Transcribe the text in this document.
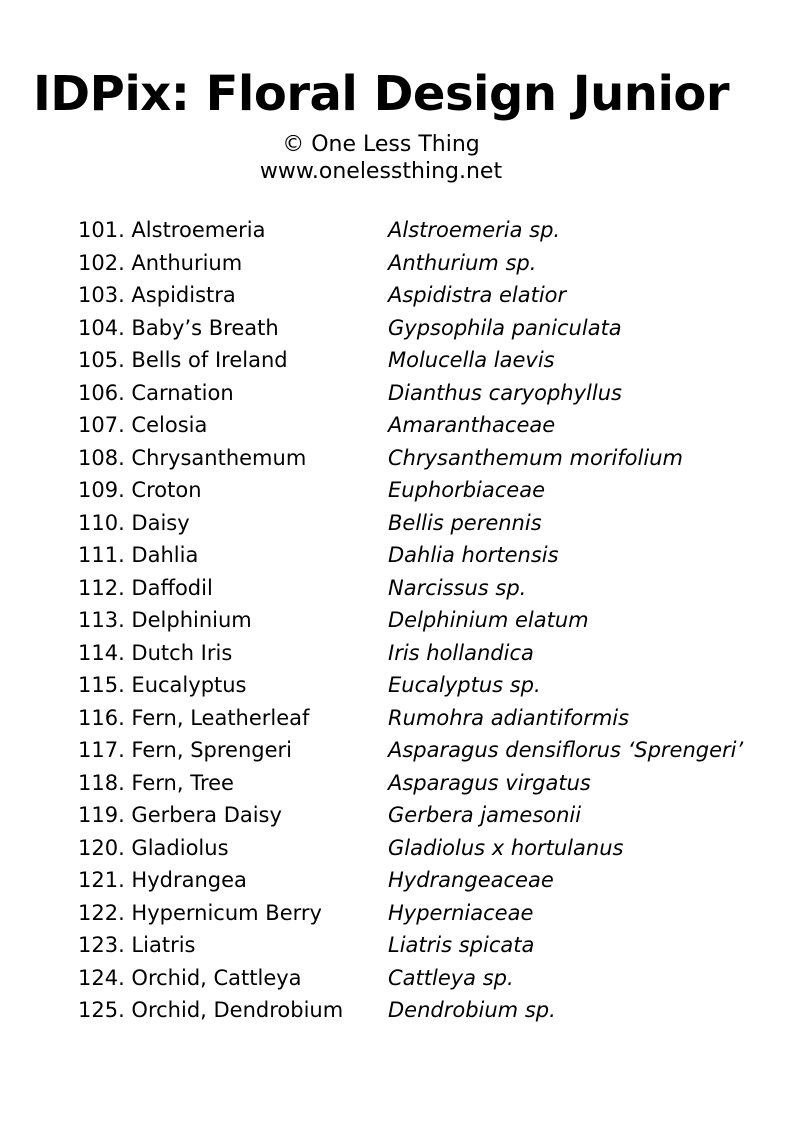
IDPix: Floral Design Junior
© One Less Thing
www.onelessthing.net
101. Alstroemeria	Alstroemeria sp.
102. Anthurium	Anthurium sp.
103. Aspidistra	Aspidistra elatior
104. Baby’s Breath	Gypsophila paniculata
105. Bells of Ireland	Molucella laevis
106. Carnation	Dianthus caryophyllus
107. Celosia	Amaranthaceae
108. Chrysanthemum	Chrysanthemum morifolium
109. Croton	Euphorbiaceae
110. Daisy	Bellis perennis
111. Dahlia	Dahlia hortensis
112. Daffodil	Narcissus sp.
113. Delphinium	Delphinium elatum
114. Dutch Iris	Iris hollandica
115. Eucalyptus	Eucalyptus sp.
116. Fern, Leatherleaf	Rumohra adiantiformis
117. Fern, Sprengeri	Asparagus densiflorus ‘Sprengeri’
118. Fern, Tree	Asparagus virgatus
119. Gerbera Daisy	Gerbera jamesonii
120. Gladiolus	Gladiolus x hortulanus
121. Hydrangea	Hydrangeaceae
122. Hypernicum Berry	Hyperniaceae
123. Liatris	Liatris spicata
124. Orchid, Cattleya	Cattleya sp.
125. Orchid, Dendrobium	Dendrobium sp.
